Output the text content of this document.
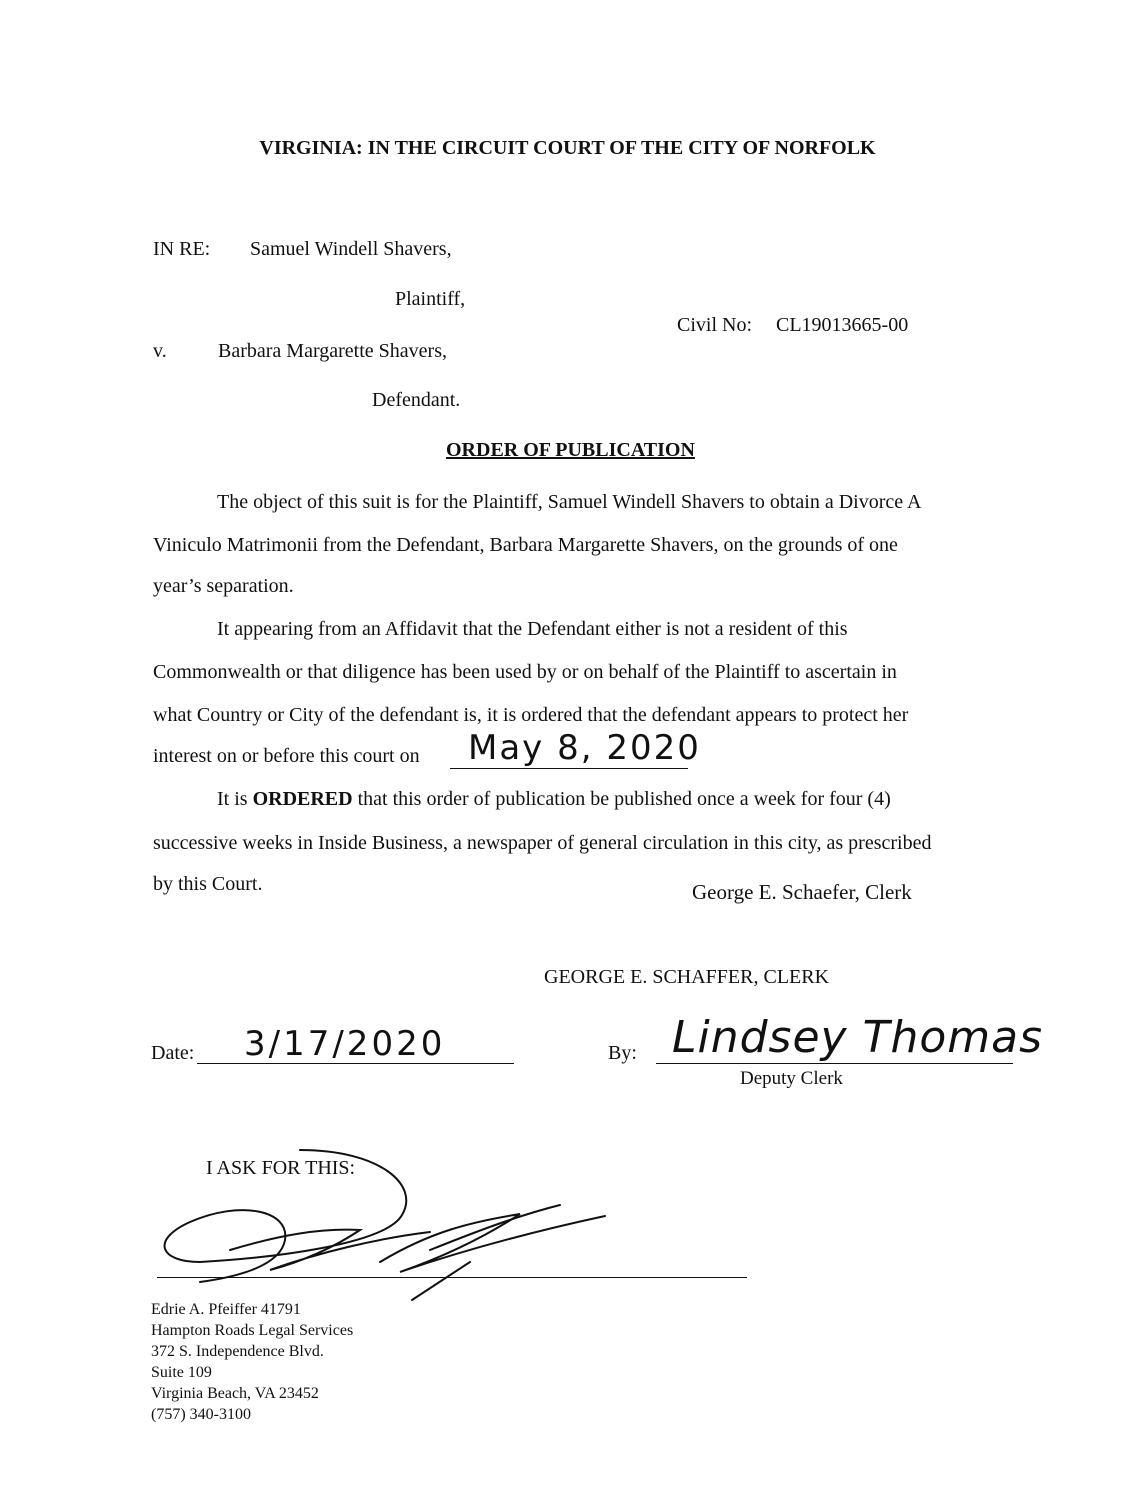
VIRGINIA: IN THE CIRCUIT COURT OF THE CITY OF NORFOLK
IN RE: Samuel Windell Shavers,
Plaintiff,
Civil No: CL19013665-00
v.	Barbara Margarette Shavers,
Defendant.
ORDER OF PUBLICATION
The object of this suit is for the Plaintiff, Samuel Windell Shavers to obtain a Divorce A
Viniculo Matrimonii from the Defendant, Barbara Margarette Shavers, on the grounds of one
year’s separation.
It appearing from an Affidavit that the Defendant either is not a resident of this
Commonwealth or that diligence has been used by or on behalf of the Plaintiff to ascertain in
what Country or City of the defendant is, it is ordered that the defendant appears to protect her
interest on or before this court on May 8, 2020
It is ORDERED that this order of publication be published once a week for four (4)
successive weeks in Inside Business, a newspaper of general circulation in this city, as prescribed
by this Court.	George E. Schaefer, Clerk
GEORGE E. SCHAFFER, CLERK
Date: 3/17/2020	By: Lindsey Thomas
Deputy Clerk
I ASK FOR THIS:
Edrie A. Pfeiffer 41791
Hampton Roads Legal Services
372 S. Independence Blvd.
Suite 109
Virginia Beach, VA 23452
(757) 340-3100
